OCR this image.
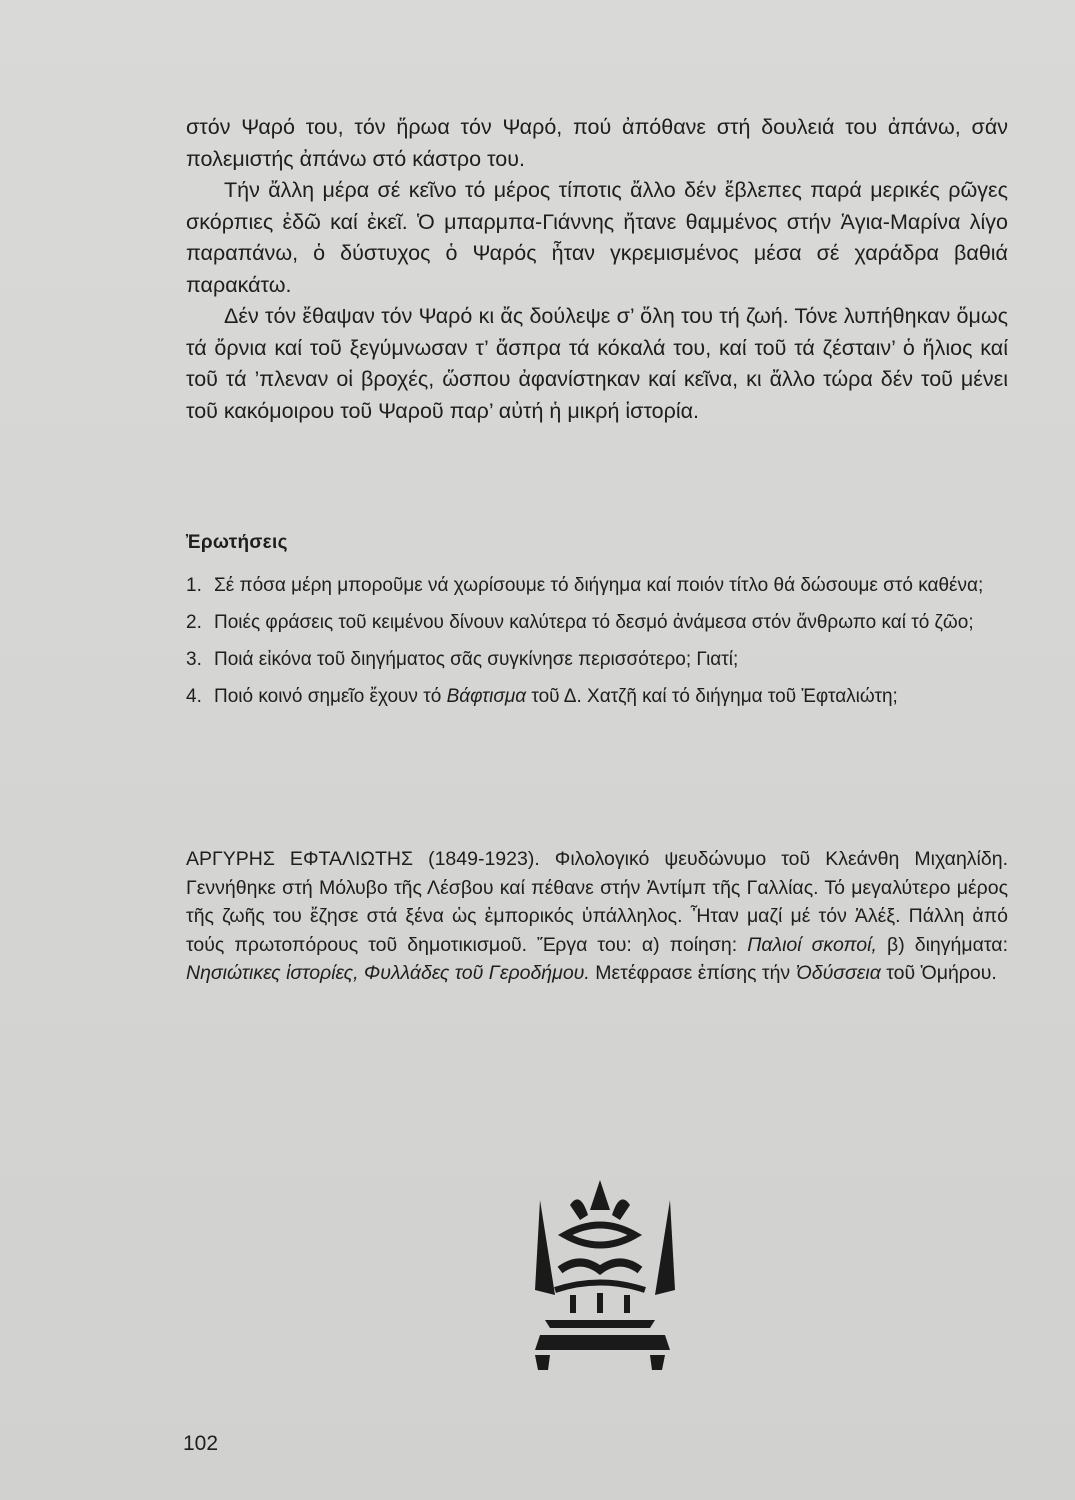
στόν Ψαρό του, τόν ἥρωα τόν Ψαρό, πού ἀπόθανε στή δουλειά του ἀπάνω, σάν πολεμιστής ἀπάνω στό κάστρο του.

Τήν ἄλλη μέρα σέ κεῖνο τό μέρος τίποτις ἄλλο δέν ἔβλεπες παρά μερικές ρῶγες σκόρπιες ἐδῶ καί ἐκεῖ. Ὁ μπαρμπα-Γιάννης ἤτανε θαμμένος στήν Ἁγια-Μαρίνα λίγο παραπάνω, ὁ δύστυχος ὁ Ψαρός ἦταν γκρεμισμένος μέσα σέ χαράδρα βαθιά παρακάτω.

Δέν τόν ἔθαψαν τόν Ψαρό κι ἄς δούλεψε σ’ ὅλη του τή ζωή. Τόνε λυπήθηκαν ὅμως τά ὄρνια καί τοῦ ξεγύμνωσαν τ’ ἄσπρα τά κόκαλά του, καί τοῦ τά ζέσταιν’ ὁ ἥλιος καί τοῦ τά ’πλεναν οἱ βροχές, ὥσπου ἀφανίστηκαν καί κεῖνα, κι ἄλλο τώρα δέν τοῦ μένει τοῦ κακόμοιρου τοῦ Ψαροῦ παρ’ αὐτή ἡ μικρή ἱστορία.

Ἐρωτήσεις
1. Σέ πόσα μέρη μποροῦμε νά χωρίσουμε τό διήγημα καί ποιόν τίτλο θά δώσουμε στό καθένα;
2. Ποιές φράσεις τοῦ κειμένου δίνουν καλύτερα τό δεσμό ἀνάμεσα στόν ἄνθρωπο καί τό ζῶο;
3. Ποιά εἰκόνα τοῦ διηγήματος σᾶς συγκίνησε περισσότερο; Γιατί;
4. Ποιό κοινό σημεῖο ἔχουν τό Βάφτισμα τοῦ Δ. Χατζῆ καί τό διήγημα τοῦ Ἐφταλιώτη;
ΑΡΓΥΡΗΣ ΕΦΤΑΛΙΩΤΗΣ (1849-1923). Φιλολογικό ψευδώνυμο τοῦ Κλεάνθη Μιχαηλίδη. Γεννήθηκε στή Μόλυβο τῆς Λέσβου καί πέθανε στήν Ἀντίμπ τῆς Γαλλίας. Τό μεγαλύτερο μέρος τῆς ζωῆς του ἔζησε στά ξένα ὡς ἐμπορικός ὑπάλληλος. Ἦταν μαζί μέ τόν Ἀλέξ. Πάλλη ἀπό τούς πρωτοπόρους τοῦ δημοτικισμοῦ. Ἔργα του: α) ποίηση: Παλιοί σκοποί, β) διηγήματα: Νησιώτικες ἱστορίες, Φυλλάδες τοῦ Γεροδήμου. Μετέφρασε ἐπίσης τήν Ὀδύσσεια τοῦ Ὁμήρου.
102
